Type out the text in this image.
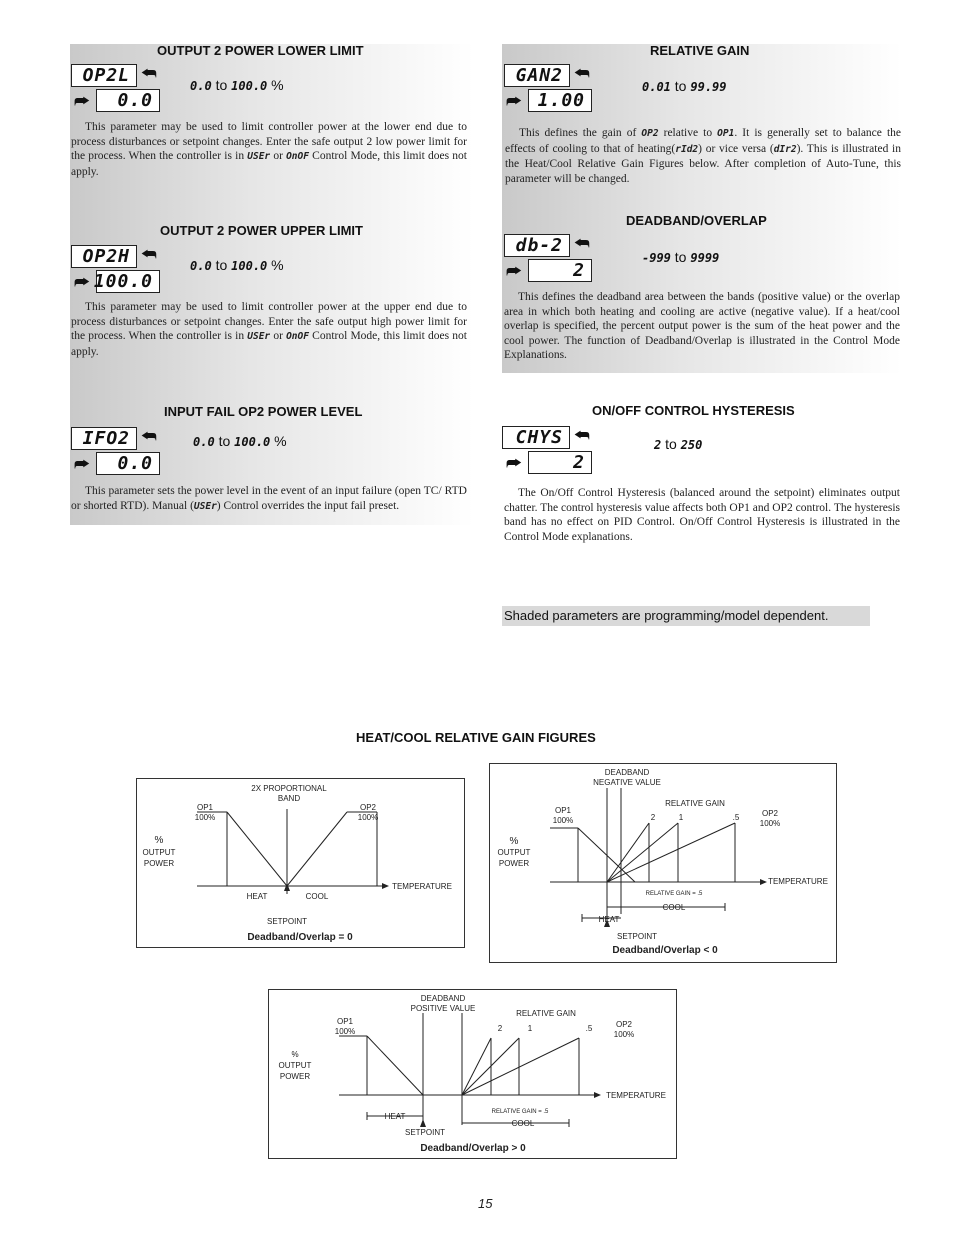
OUTPUT 2 POWER LOWER LIMIT
OP2L ⮪
⮫	0.0
0.0 to 100.0 %
This parameter may be used to limit controller power at the lower end due to process disturbances or setpoint changes. Enter the safe output 2 low power limit for the process. When the controller is in USEr or OnOF Control Mode, this limit does not apply.
OUTPUT 2 POWER UPPER LIMIT
OP2H ⮪
⮫ 100.0
0.0 to 100.0 %
This parameter may be used to limit controller power at the upper end due to process disturbances or setpoint changes. Enter the safe output high power limit for the process. When the controller is in USEr or OnOF Control Mode, this limit does not apply.
INPUT FAIL OP2 POWER LEVEL
IFO2 ⮪
⮫	0.0
0.0 to 100.0 %
This parameter sets the power level in the event of an input failure (open TC/ RTD or shorted RTD). Manual (USEr) Control overrides the input fail preset.
RELATIVE GAIN
GAN2 ⮪
⮫ 1.00
0.01 to 99.99
This defines the gain of OP2 relative to OP1. It is generally set to balance the effects of cooling to that of heating(rId2) or vice versa (dIr2). This is illustrated in the Heat/Cool Relative Gain Figures below. After completion of Auto-Tune, this parameter will be changed.
DEADBAND/OVERLAP
db-2 ⮪
⮫	2
-999 to 9999
This defines the deadband area between the bands (positive value) or the overlap area in which both heating and cooling are active (negative value). If a heat/cool overlap is specified, the percent output power is the sum of the heat power and the cool power. The function of Deadband/Overlap is illustrated in the Control Mode Explanations.
ON/OFF CONTROL HYSTERESIS
CHYS ⮪
⮫	2
2 to 250
The On/Off Control Hysteresis (balanced around the setpoint) eliminates output chatter. The control hysteresis value affects both OP1 and OP2 control. The hysteresis band has no effect on PID Control. On/Off Control Hysteresis is illustrated in the Control Mode explanations.
Shaded parameters are programming/model dependent.
HEAT/COOL RELATIVE GAIN FIGURES
2X PROPORTIONAL
BAND
OP1
100%
OP2
100%
%
OUTPUT
POWER
HEAT	COOL
TEMPERATURE
SETPOINT
Deadband/Overlap = 0
DEADBAND
NEGATIVE VALUE
RELATIVE GAIN
2	1	.5
OP1
100%
OP2
100%
%
OUTPUT
POWER
TEMPERATURE
RELATIVE GAIN = .5
COOL
HEAT
SETPOINT
Deadband/Overlap < 0
DEADBAND
POSITIVE VALUE
RELATIVE GAIN
2	1	.5
OP1
100%
OP2
100%
%
OUTPUT
POWER
TEMPERATURE
RELATIVE GAIN = .5
HEAT
COOL
SETPOINT
Deadband/Overlap > 0
15
